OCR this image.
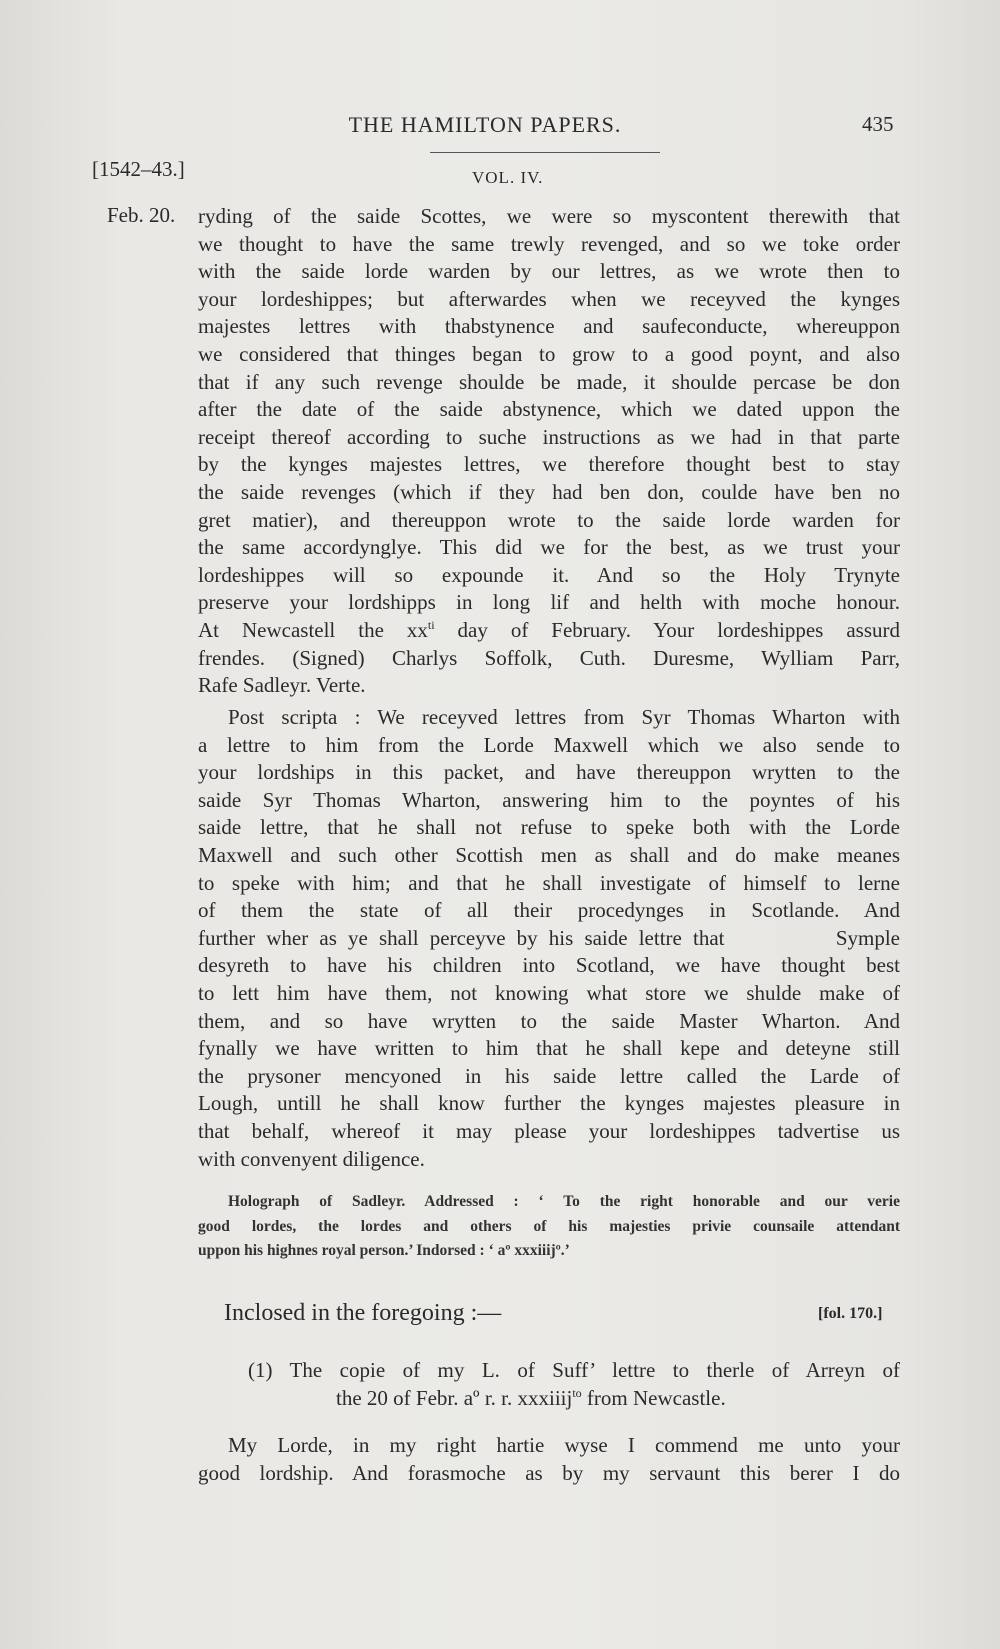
THE HAMILTON PAPERS.	435
[1542–43.]	VOL. IV.
Feb. 20. ryding of the saide Scottes, we were so myscontent therewith that
we thought to have the same trewly revenged, and so we toke order
with the saide lorde warden by our lettres, as we wrote then to
your lordeshippes; but afterwardes when we receyved the kynges
majestes lettres with thabstynence and saufeconducte, whereuppon
we considered that thinges began to grow to a good poynt, and also
that if any such revenge shoulde be made, it shoulde percase be don
after the date of the saide abstynence, which we dated uppon the
receipt thereof according to suche instructions as we had in that parte
by the kynges majestes lettres, we therefore thought best to stay
the saide revenges (which if they had ben don, coulde have ben no
gret matier), and thereuppon wrote to the saide lorde warden for
the same accordynglye. This did we for the best, as we trust your
lordeshippes will so expounde it. And so the Holy Trynyte
preserve your lordshipps in long lif and helth with moche honour.
At Newcastell the $xx^{ti}$ day of February. Your lordeshippes assurd
frendes. (Signed) Charlys Soffolk, Cuth. Duresme, Wylliam Parr,
Rafe Sadleyr. Verte.
Post scripta : We receyved lettres from Syr Thomas Wharton with
a lettre to him from the Lorde Maxwell which we also sende to
your lordships in this packet, and have thereuppon wrytten to the
saide Syr Thomas Wharton, answering him to the poyntes of his
saide lettre, that he shall not refuse to speke both with the Lorde
Maxwell and such other Scottish men as shall and do make meanes
to speke with him; and that he shall investigate of himself to lerne
of them the state of all their procedynges in Scotlande. And
further wher as ye shall perceyve by his saide lettre that          Symple
desyreth to have his children into Scotland, we have thought best
to lett him have them, not knowing what store we shulde make of
them, and so have wrytten to the saide Master Wharton. And
fynally we have written to him that he shall kepe and deteyne still
the prysoner mencyoned in his saide lettre called the Larde of
Lough, untill he shall know further the kynges majestes pleasure in
that behalf, whereof it may please your lordeshippes tadvertise us
with convenyent diligence.
Holograph of Sadleyr. Addressed : ‘ To the right honorable and our verie
good lordes, the lordes and others of his majesties privie counsaile attendant
uppon his highnes royal person.’ Indorsed : ‘ aº xxxiiijº.’
Inclosed in the foregoing :—	[fol. 170.]
(1) The copie of my L. of Suff’ lettre to therle of Arreyn of
the 20 of Febr. aº r. r. xxxiiij$^{to}$ from Newcastle.
My Lorde, in my right hartie wyse I commend me unto your
good lordship. And forasmoche as by my servaunt this berer I do
